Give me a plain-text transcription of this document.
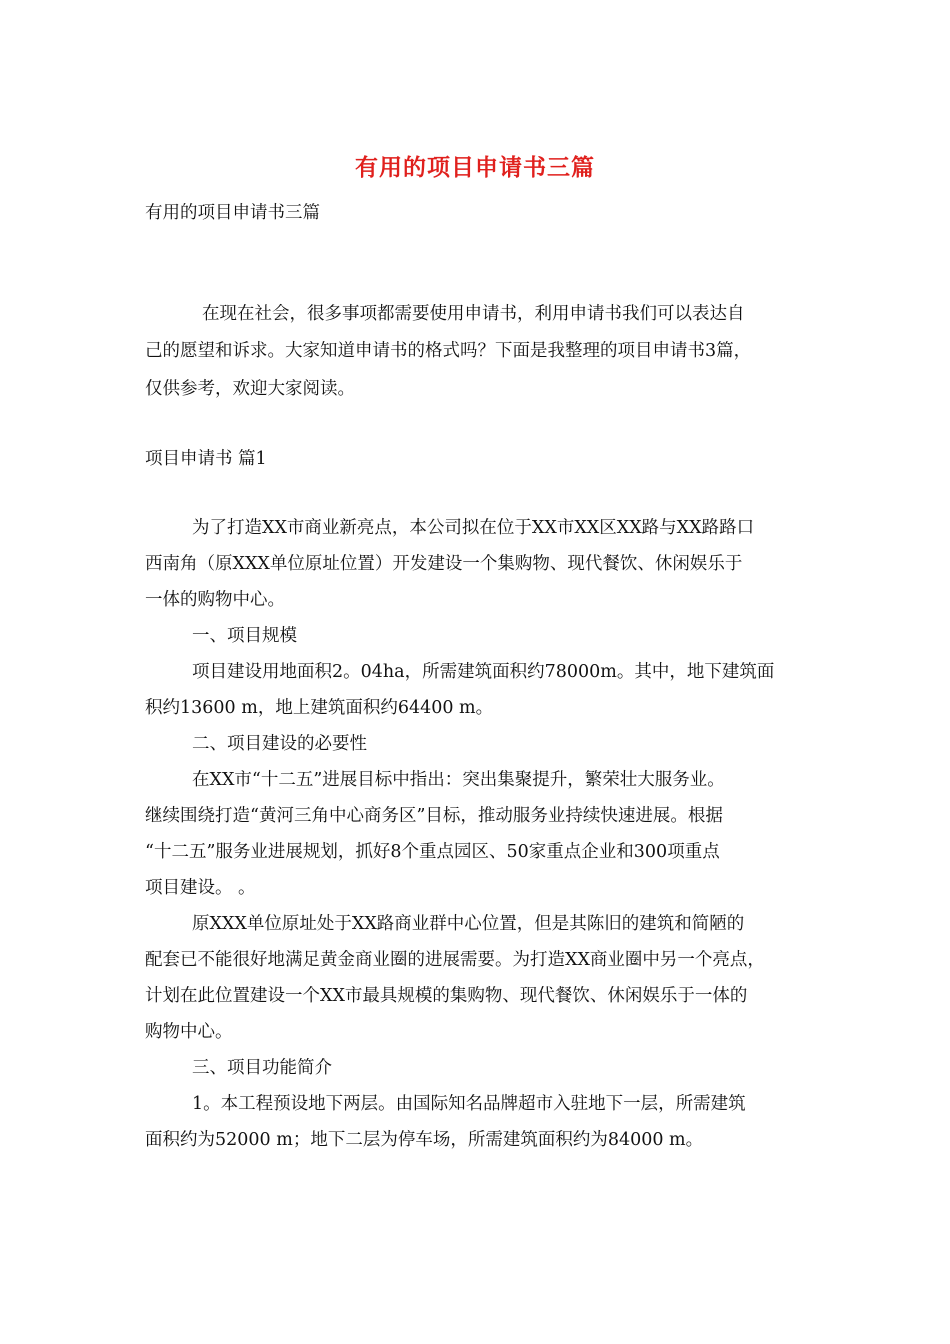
有用的项目申请书三篇
有用的项目申请书三篇
在现在社会，很多事项都需要使用申请书，利用申请书我们可以表达自
己的愿望和诉求。大家知道申请书的格式吗？下面是我整理的项目申请书3篇，
仅供参考，欢迎大家阅读。
项目申请书 篇1
为了打造XX市商业新亮点，本公司拟在位于XX市XX区XX路与XX路路口
西南角（原XXX单位原址位置）开发建设一个集购物、现代餐饮、休闲娱乐于
一体的购物中心。
一、项目规模
项目建设用地面积2。04ha，所需建筑面积约78000m。其中，地下建筑面
积约13600 m，地上建筑面积约64400 m。
二、项目建设的必要性
在XX市“十二五”进展目标中指出：突出集聚提升，繁荣壮大服务业。
继续围绕打造“黄河三角中心商务区”目标，推动服务业持续快速进展。根据
“十二五”服务业进展规划，抓好8个重点园区、50家重点企业和300项重点
项目建设。 。
原XXX单位原址处于XX路商业群中心位置，但是其陈旧的建筑和简陋的
配套已不能很好地满足黄金商业圈的进展需要。为打造XX商业圈中另一个亮点，
计划在此位置建设一个XX市最具规模的集购物、现代餐饮、休闲娱乐于一体的
购物中心。
三、项目功能简介
1。本工程预设地下两层。由国际知名品牌超市入驻地下一层，所需建筑
面积约为52000 m；地下二层为停车场，所需建筑面积约为84000 m。
